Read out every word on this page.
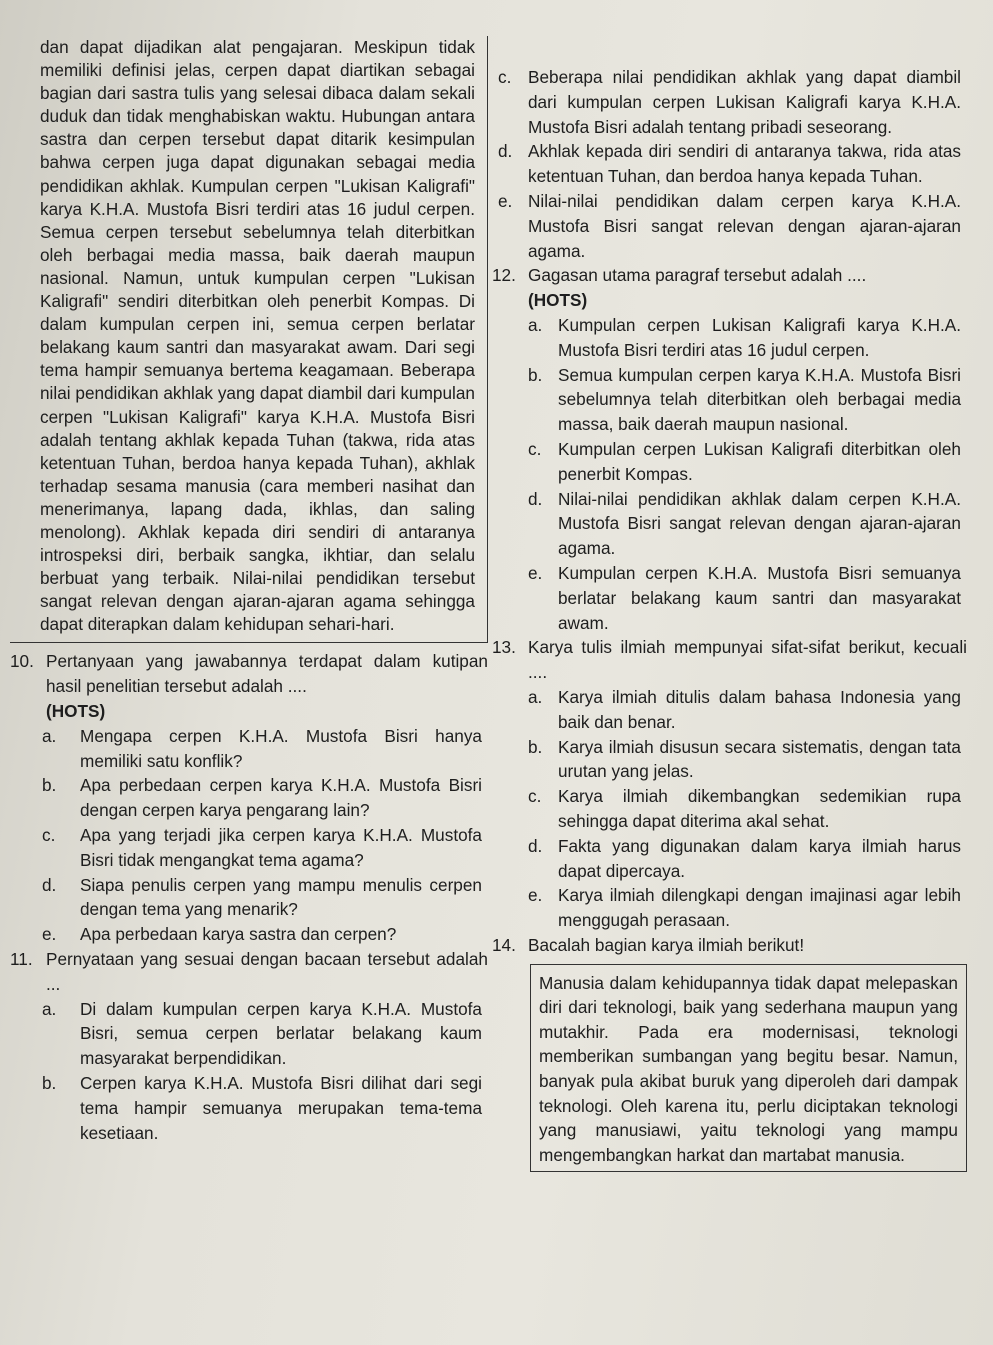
dan dapat dijadikan alat pengajaran. Meskipun tidak memiliki definisi jelas, cerpen dapat diartikan sebagai bagian dari sastra tulis yang selesai dibaca dalam sekali duduk dan tidak menghabiskan waktu. Hubungan antara sastra dan cerpen tersebut dapat ditarik kesimpulan bahwa cerpen juga dapat digunakan sebagai media pendidikan akhlak. Kumpulan cerpen "Lukisan Kaligrafi" karya K.H.A. Mustofa Bisri terdiri atas 16 judul cerpen. Semua cerpen tersebut sebelumnya telah diterbitkan oleh berbagai media massa, baik daerah maupun nasional. Namun, untuk kumpulan cerpen "Lukisan Kaligrafi" sendiri diterbitkan oleh penerbit Kompas. Di dalam kumpulan cerpen ini, semua cerpen berlatar belakang kaum santri dan masyarakat awam. Dari segi tema hampir semuanya bertema keagamaan. Beberapa nilai pendidikan akhlak yang dapat diambil dari kumpulan cerpen "Lukisan Kaligrafi" karya K.H.A. Mustofa Bisri adalah tentang akhlak kepada Tuhan (takwa, rida atas ketentuan Tuhan, berdoa hanya kepada Tuhan), akhlak terhadap sesama manusia (cara memberi nasihat dan menerimanya, lapang dada, ikhlas, dan saling menolong). Akhlak kepada diri sendiri di antaranya introspeksi diri, berbaik sangka, ikhtiar, dan selalu berbuat yang terbaik. Nilai-nilai pendidikan tersebut sangat relevan dengan ajaran-ajaran agama sehingga dapat diterapkan dalam kehidupan sehari-hari.

10. Pertanyaan yang jawabannya terdapat dalam kutipan hasil penelitian tersebut adalah ....
(HOTS)
a.	Mengapa cerpen K.H.A. Mustofa Bisri hanya memiliki satu konflik?
b.	Apa perbedaan cerpen karya K.H.A. Mustofa Bisri dengan cerpen karya pengarang lain?
c.	Apa yang terjadi jika cerpen karya K.H.A. Mustofa Bisri tidak mengangkat tema agama?
d.	Siapa penulis cerpen yang mampu menulis cerpen dengan tema yang menarik?
e.	Apa perbedaan karya sastra dan cerpen?
11. Pernyataan yang sesuai dengan bacaan tersebut adalah ...
a.	Di dalam kumpulan cerpen karya K.H.A. Mustofa Bisri, semua cerpen berlatar belakang kaum masyarakat berpendidikan.
b.	Cerpen karya K.H.A. Mustofa Bisri dilihat dari segi tema hampir semuanya merupakan tema-tema kesetiaan.
c. Beberapa nilai pendidikan akhlak yang dapat diambil dari kumpulan cerpen Lukisan Kaligrafi karya K.H.A. Mustofa Bisri adalah tentang pribadi seseorang.
d. Akhlak kepada diri sendiri di antaranya takwa, rida atas ketentuan Tuhan, dan berdoa hanya kepada Tuhan.
e. Nilai-nilai pendidikan dalam cerpen karya K.H.A. Mustofa Bisri sangat relevan dengan ajaran-ajaran agama.
12. Gagasan utama paragraf tersebut adalah ....
(HOTS)
a. Kumpulan cerpen Lukisan Kaligrafi karya K.H.A. Mustofa Bisri terdiri atas 16 judul cerpen.
b. Semua kumpulan cerpen karya K.H.A. Mustofa Bisri sebelumnya telah diterbitkan oleh berbagai media massa, baik daerah maupun nasional.
c. Kumpulan cerpen Lukisan Kaligrafi diterbitkan oleh penerbit Kompas.
d. Nilai-nilai pendidikan akhlak dalam cerpen K.H.A. Mustofa Bisri sangat relevan dengan ajaran-ajaran agama.
e. Kumpulan cerpen K.H.A. Mustofa Bisri semuanya berlatar belakang kaum santri dan masyarakat awam.
13. Karya tulis ilmiah mempunyai sifat-sifat berikut, kecuali ....
a. Karya ilmiah ditulis dalam bahasa Indonesia yang baik dan benar.
b. Karya ilmiah disusun secara sistematis, dengan tata urutan yang jelas.
c. Karya ilmiah dikembangkan sedemikian rupa sehingga dapat diterima akal sehat.
d. Fakta yang digunakan dalam karya ilmiah harus dapat dipercaya.
e. Karya ilmiah dilengkapi dengan imajinasi agar lebih menggugah perasaan.
14. Bacalah bagian karya ilmiah berikut!

Manusia dalam kehidupannya tidak dapat melepaskan diri dari teknologi, baik yang sederhana maupun yang mutakhir. Pada era modernisasi, teknologi memberikan sumbangan yang begitu besar. Namun, banyak pula akibat buruk yang diperoleh dari dampak teknologi. Oleh karena itu, perlu diciptakan teknologi yang manusiawi, yaitu teknologi yang mampu mengembangkan harkat dan martabat manusia.
